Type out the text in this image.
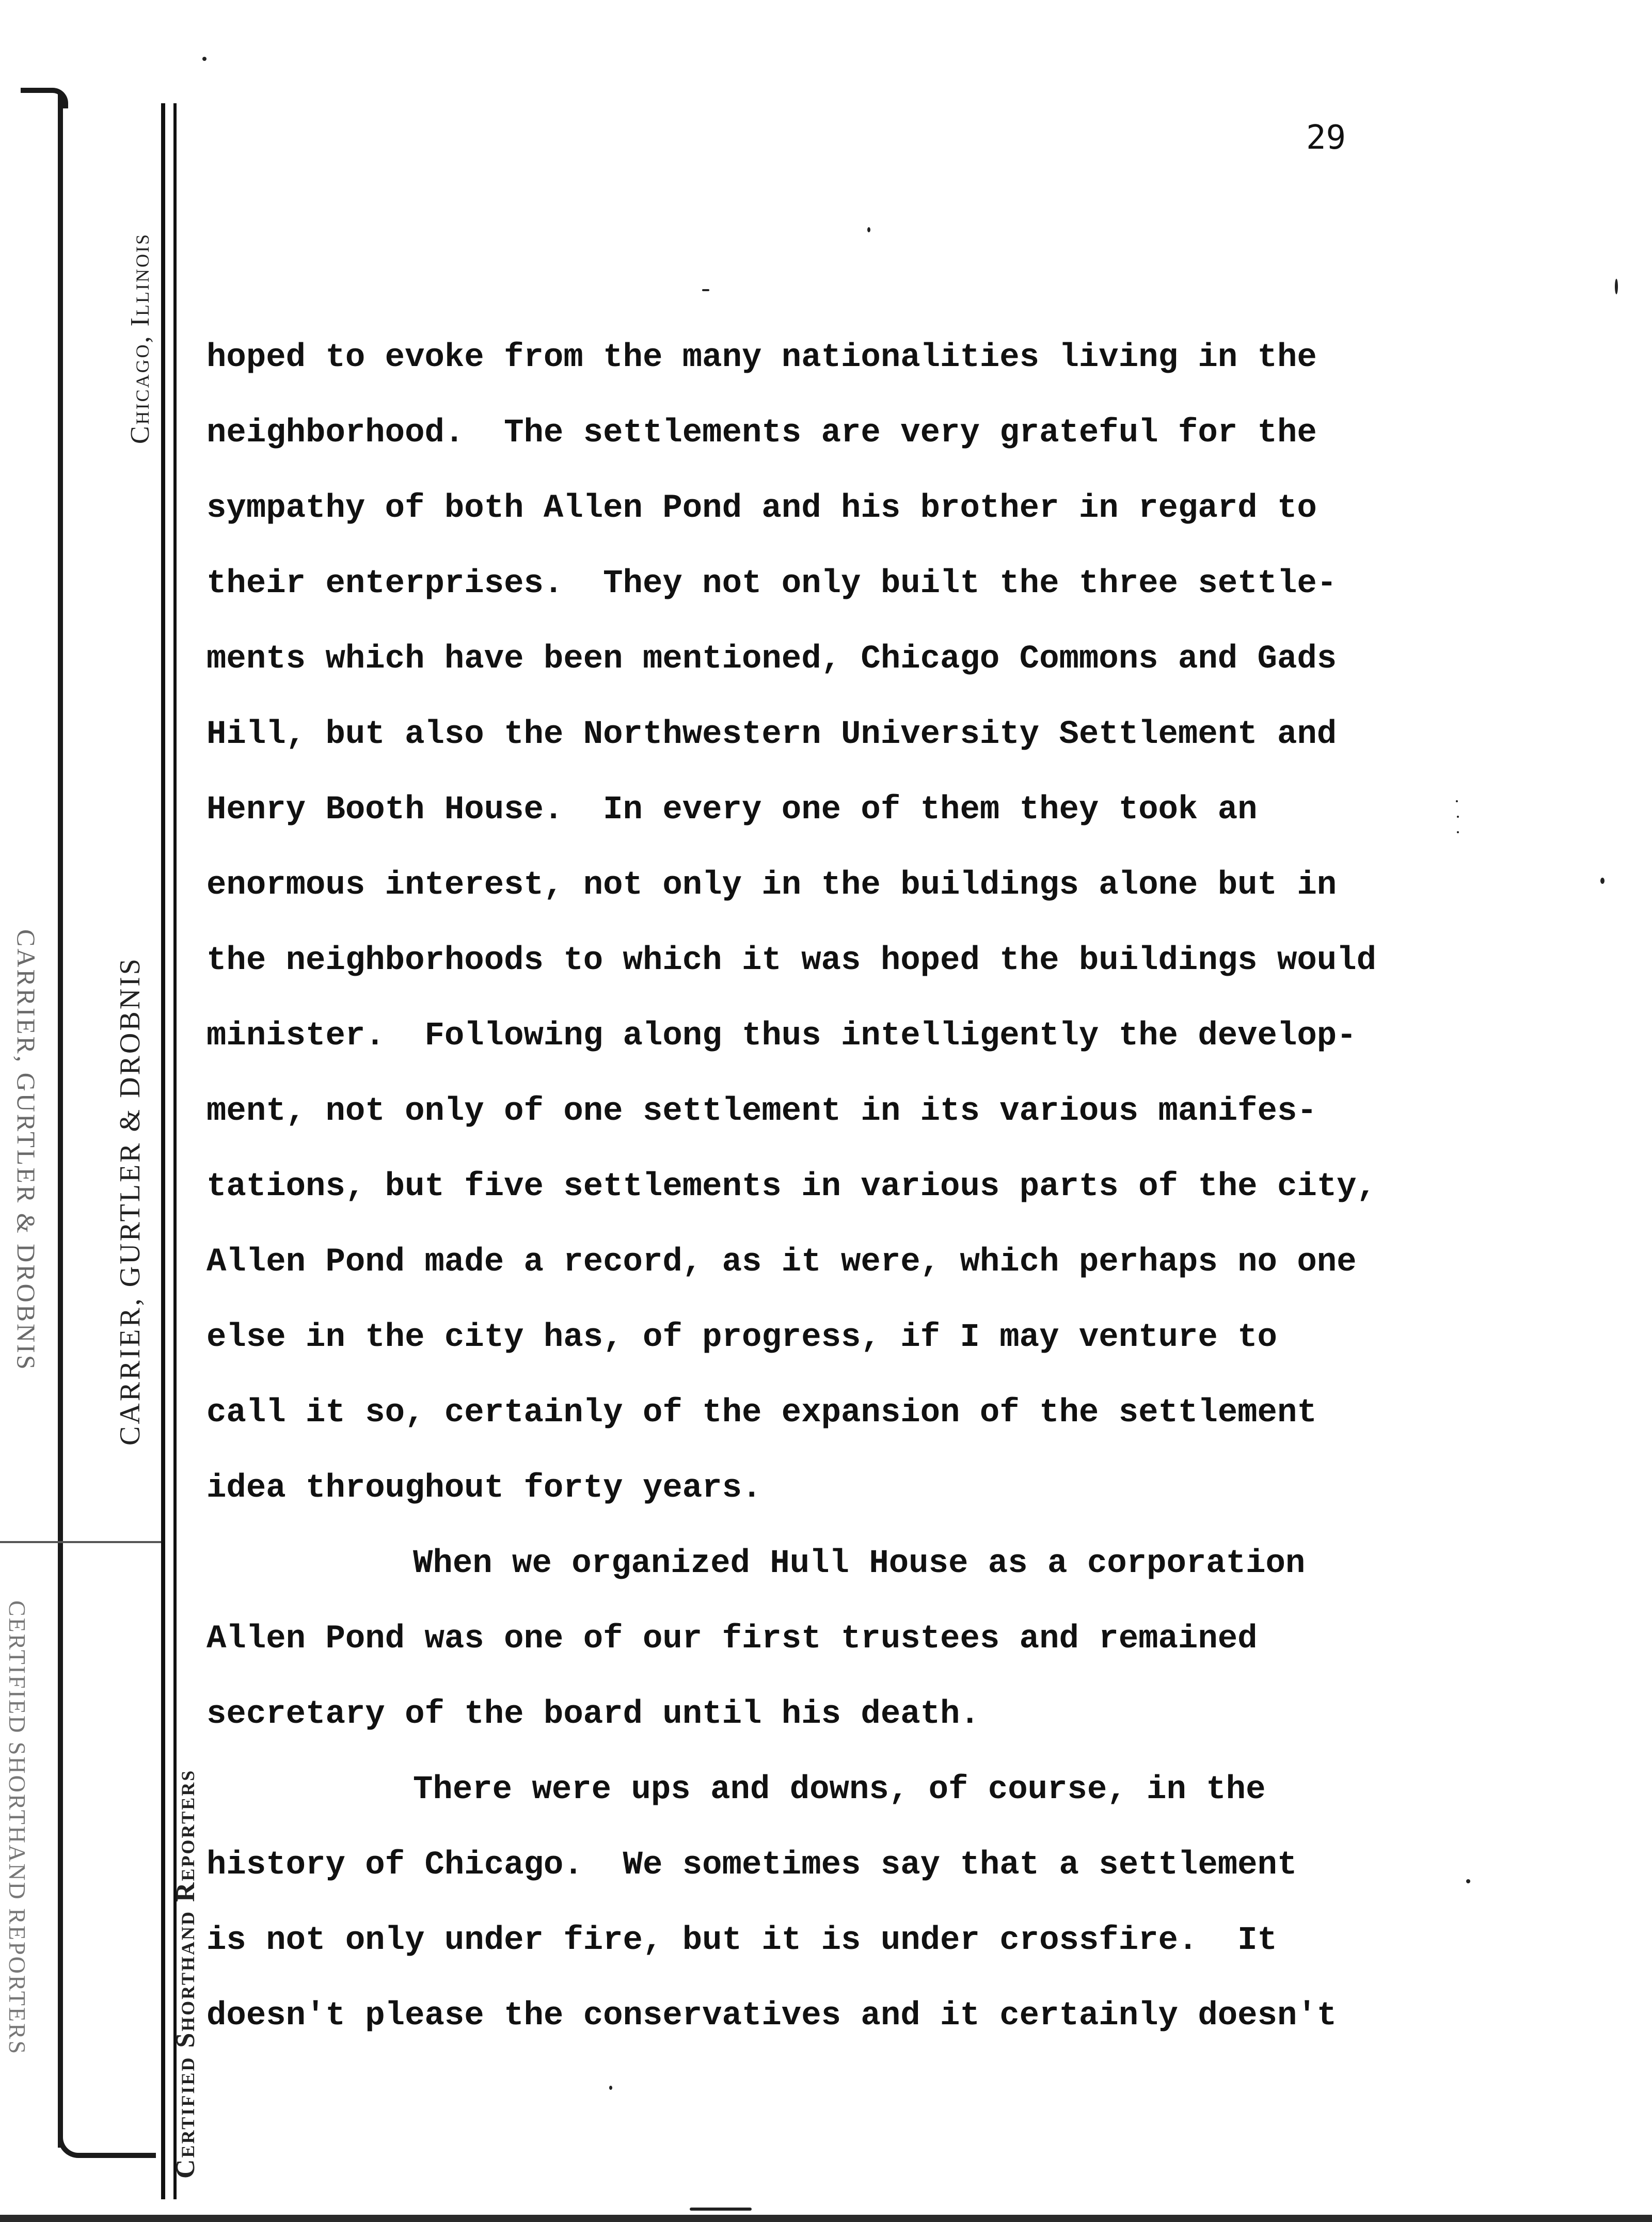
Chicago, Illinois
CARRIER, GURTLER & DROBNIS
Certified Shorthand Reporters
CARRIER, GURTLER & DROBNIS
CERTIFIED SHORTHAND REPORTERS
29
hoped to evoke from the many nationalities living in the
neighborhood.  The settlements are very grateful for the
sympathy of both Allen Pond and his brother in regard to
their enterprises.  They not only built the three settle-
ments which have been mentioned, Chicago Commons and Gads
Hill, but also the Northwestern University Settlement and
Henry Booth House.  In every one of them they took an
enormous interest, not only in the buildings alone but in
the neighborhoods to which it was hoped the buildings would
minister.  Following along thus intelligently the develop-
ment, not only of one settlement in its various manifes-
tations, but five settlements in various parts of the city,
Allen Pond made a record, as it were, which perhaps no one
else in the city has, of progress, if I may venture to
call it so, certainly of the expansion of the settlement
idea throughout forty years.
When we organized Hull House as a corporation
Allen Pond was one of our first trustees and remained
secretary of the board until his death.
There were ups and downs, of course, in the
history of Chicago.  We sometimes say that a settlement
is not only under fire, but it is under crossfire.  It
doesn't please the conservatives and it certainly doesn't
